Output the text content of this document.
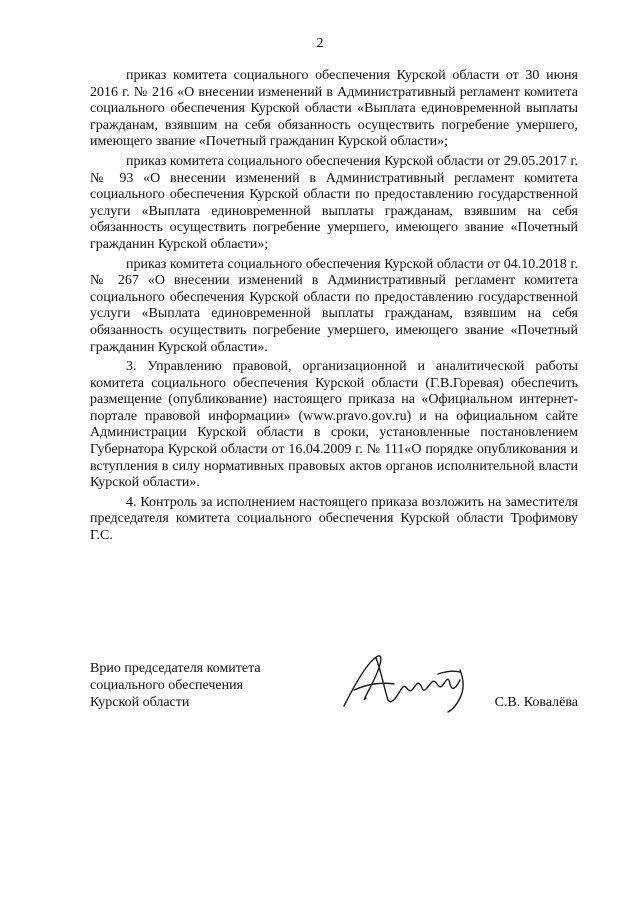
2

приказ комитета социального обеспечения Курской области от 30 июня 2016 г. № 216 «О внесении изменений в Административный регламент комитета социального обеспечения Курской области «Выплата единовременной выплаты гражданам, взявшим на себя обязанность осуществить погребение умершего, имеющего звание «Почетный гражданин Курской области»;

приказ комитета социального обеспечения Курской области от 29.05.2017 г. № 93 «О внесении изменений в Административный регламент комитета социального обеспечения Курской области по предоставлению государственной услуги «Выплата единовременной выплаты гражданам, взявшим на себя обязанность осуществить погребение умершего, имеющего звание «Почетный гражданин Курской области»;

приказ комитета социального обеспечения Курской области от 04.10.2018 г. № 267 «О внесении изменений в Административный регламент комитета социального обеспечения Курской области по предоставлению государственной услуги «Выплата единовременной выплаты гражданам, взявшим на себя обязанность осуществить погребение умершего, имеющего звание «Почетный гражданин Курской области».

3. Управлению правовой, организационной и аналитической работы комитета социального обеспечения Курской области (Г.В.Горевая) обеспечить размещение (опубликование) настоящего приказа на «Официальном интернет-портале правовой информации» (www.pravo.gov.ru) и на официальном сайте Администрации Курской области в сроки, установленные постановлением Губернатора Курской области от 16.04.2009 г. № 111«О порядке опубликования и вступления в силу нормативных правовых актов органов исполнительной власти Курской области».

4. Контроль за исполнением настоящего приказа возложить на заместителя председателя комитета социального обеспечения Курской области Трофимову Г.С.

Врио председателя комитета
социального обеспечения
Курской области	С.В. Ковалёва
